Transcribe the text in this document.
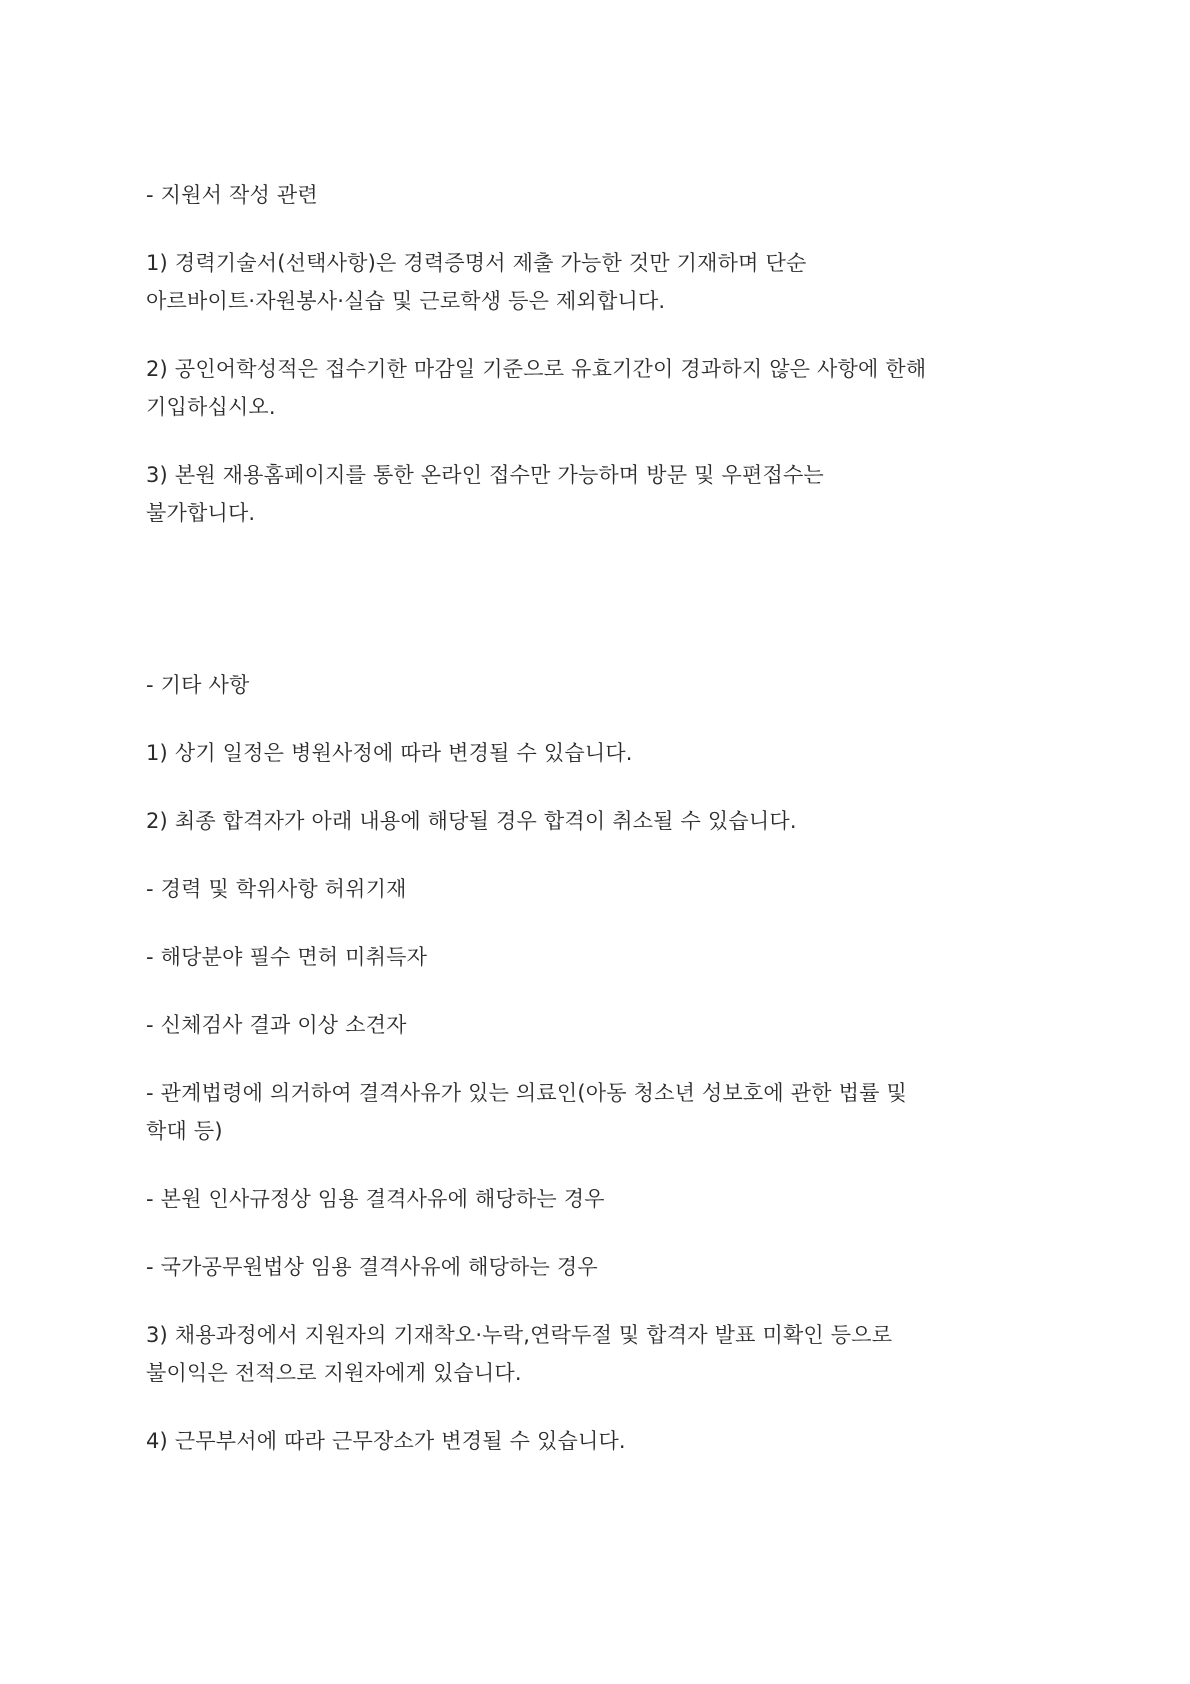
- 지원서 작성 관련

1) 경력기술서(선택사항)은 경력증명서 제출 가능한 것만 기재하며 단순
아르바이트·자원봉사·실습 및 근로학생 등은 제외합니다.

2) 공인어학성적은 접수기한 마감일 기준으로 유효기간이 경과하지 않은 사항에 한해
기입하십시오.

3) 본원 재용홈페이지를 통한 온라인 접수만 가능하며 방문 및 우편접수는
불가합니다.

- 기타 사항

1) 상기 일정은 병원사정에 따라 변경될 수 있습니다.

2) 최종 합격자가 아래 내용에 해당될 경우 합격이 취소될 수 있습니다.

- 경력 및 학위사항 허위기재

- 해당분야 필수 면허 미취득자

- 신체검사 결과 이상 소견자

- 관계법령에 의거하여 결격사유가 있는 의료인(아동 청소년 성보호에 관한 법률 및
학대 등)

- 본원 인사규정상 임용 결격사유에 해당하는 경우

- 국가공무원법상 임용 결격사유에 해당하는 경우

3) 채용과정에서 지원자의 기재착오·누락,연락두절 및 합격자 발표 미확인 등으로
불이익은 전적으로 지원자에게 있습니다.

4) 근무부서에 따라 근무장소가 변경될 수 있습니다.
